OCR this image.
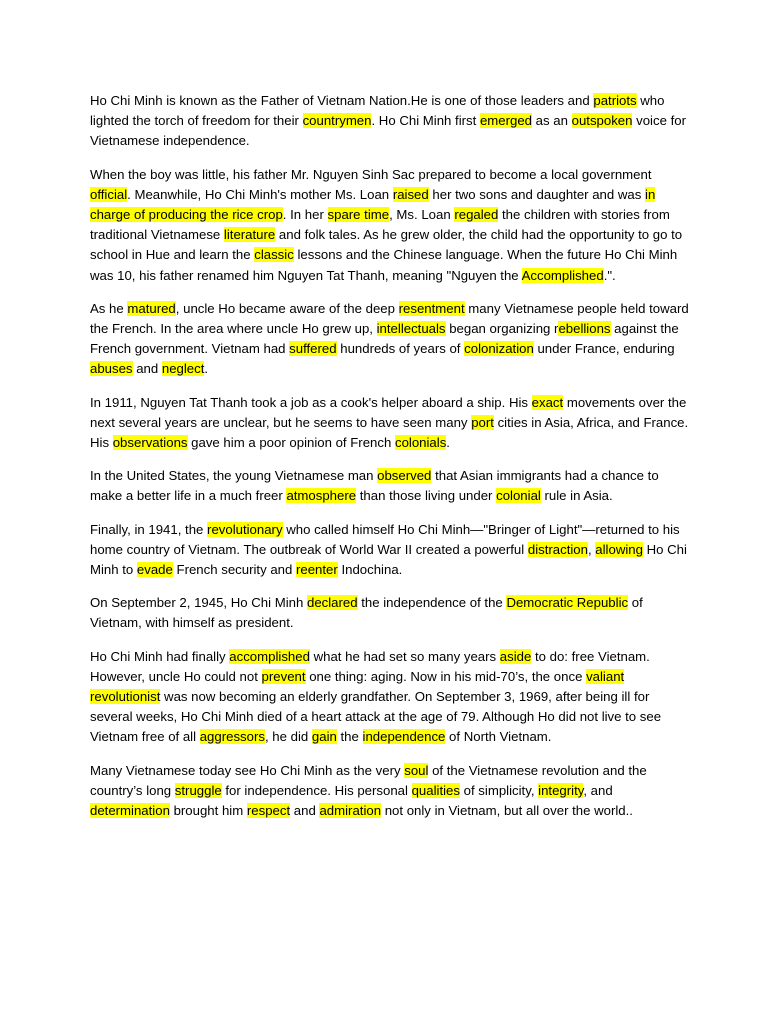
Ho Chi Minh is known as the Father of Vietnam Nation.He is one of those leaders and patriots who lighted the torch of freedom for their countrymen. Ho Chi Minh first emerged as an outspoken voice for Vietnamese independence.

When the boy was little, his father Mr. Nguyen Sinh Sac prepared to become a local government official. Meanwhile, Ho Chi Minh's mother Ms. Loan raised her two sons and daughter and was in charge of producing the rice crop. In her spare time, Ms. Loan regaled the children with stories from traditional Vietnamese literature and folk tales. As he grew older, the child had the opportunity to go to school in Hue and learn the classic lessons and the Chinese language. When the future Ho Chi Minh was 10, his father renamed him Nguyen Tat Thanh, meaning "Nguyen the Accomplished.".

As he matured, uncle Ho became aware of the deep resentment many Vietnamese people held toward the French. In the area where uncle Ho grew up, intellectuals began organizing rebellions against the French government. Vietnam had suffered hundreds of years of colonization under France, enduring abuses and neglect.

In 1911, Nguyen Tat Thanh took a job as a cook's helper aboard a ship. His exact movements over the next several years are unclear, but he seems to have seen many port cities in Asia, Africa, and France. His observations gave him a poor opinion of French colonials.

In the United States, the young Vietnamese man observed that Asian immigrants had a chance to make a better life in a much freer atmosphere than those living under colonial rule in Asia.

Finally, in 1941, the revolutionary who called himself Ho Chi Minh—"Bringer of Light"—returned to his home country of Vietnam. The outbreak of World War II created a powerful distraction, allowing Ho Chi Minh to evade French security and reenter Indochina.

On September 2, 1945, Ho Chi Minh declared the independence of the Democratic Republic of Vietnam, with himself as president.

Ho Chi Minh had finally accomplished what he had set so many years aside to do: free Vietnam. However, uncle Ho could not prevent one thing: aging. Now in his mid-70’s, the once valiant revolutionist was now becoming an elderly grandfather. On September 3, 1969, after being ill for several weeks, Ho Chi Minh died of a heart attack at the age of 79. Although Ho did not live to see Vietnam free of all aggressors, he did gain the independence of North Vietnam.

Many Vietnamese today see Ho Chi Minh as the very soul of the Vietnamese revolution and the country’s long struggle for independence. His personal qualities of simplicity, integrity, and determination brought him respect and admiration not only in Vietnam, but all over the world..
